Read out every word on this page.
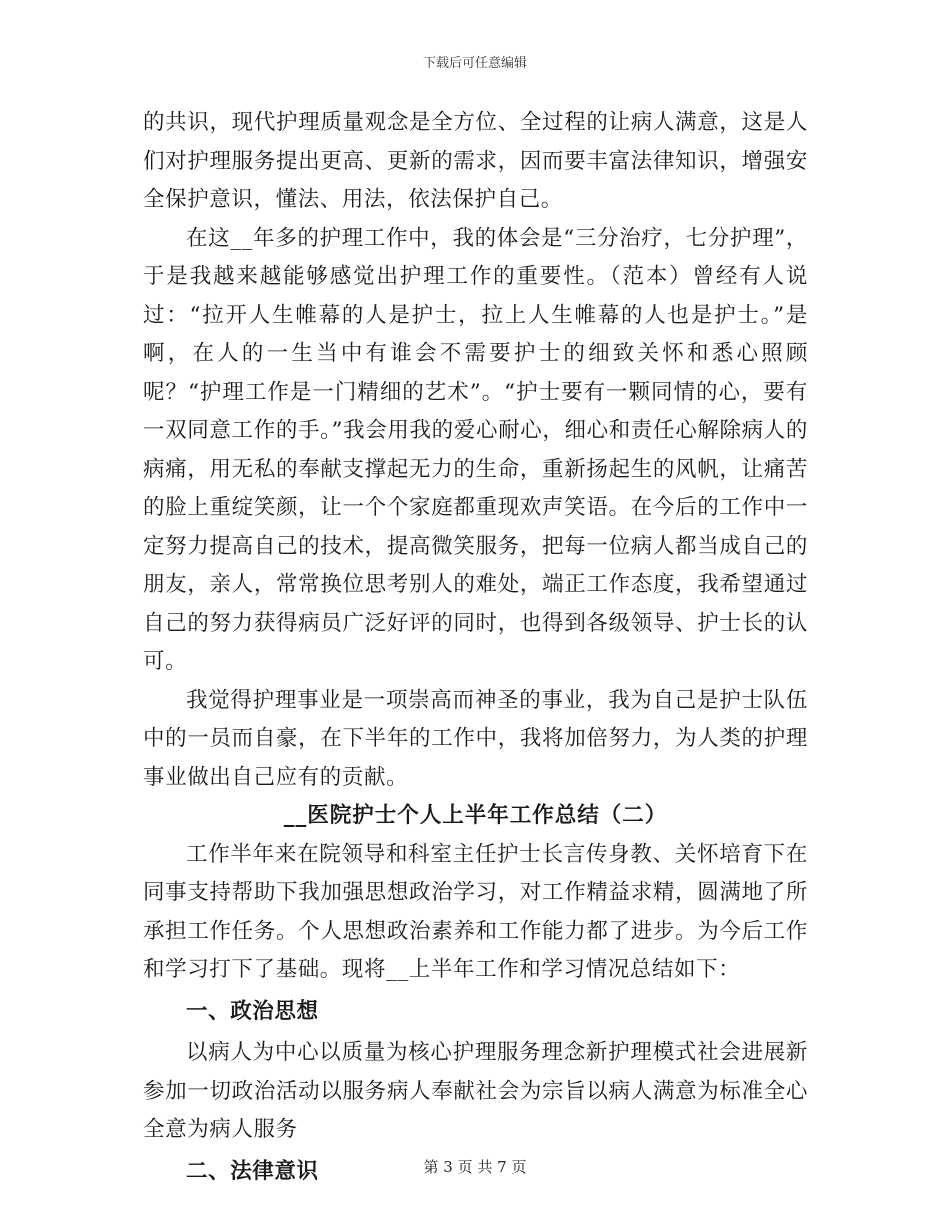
下载后可任意编辑

的共识，现代护理质量观念是全方位、全过程的让病人满意，这是人们对护理服务提出更高、更新的需求，因而要丰富法律知识，增强安全保护意识，懂法、用法，依法保护自己。

在这__年多的护理工作中，我的体会是“三分治疗，七分护理”，于是我越来越能够感觉出护理工作的重要性。（范本）曾经有人说过：“拉开人生帷幕的人是护士，拉上人生帷幕的人也是护士。”是啊，在人的一生当中有谁会不需要护士的细致关怀和悉心照顾呢？“护理工作是一门精细的艺术”。“护士要有一颗同情的心，要有一双同意工作的手。”我会用我的爱心耐心，细心和责任心解除病人的病痛，用无私的奉献支撑起无力的生命，重新扬起生的风帆，让痛苦的脸上重绽笑颜，让一个个家庭都重现欢声笑语。在今后的工作中一定努力提高自己的技术，提高微笑服务，把每一位病人都当成自己的朋友，亲人，常常换位思考别人的难处，端正工作态度，我希望通过自己的努力获得病员广泛好评的同时，也得到各级领导、护士长的认可。

我觉得护理事业是一项崇高而神圣的事业，我为自己是护士队伍中的一员而自豪，在下半年的工作中，我将加倍努力，为人类的护理事业做出自己应有的贡献。

__医院护士个人上半年工作总结（二）

工作半年来在院领导和科室主任护士长言传身教、关怀培育下在同事支持帮助下我加强思想政治学习，对工作精益求精，圆满地了所承担工作任务。个人思想政治素养和工作能力都了进步。为今后工作和学习打下了基础。现将__上半年工作和学习情况总结如下：

一、政治思想

以病人为中心以质量为核心护理服务理念新护理模式社会进展新参加一切政治活动以服务病人奉献社会为宗旨以病人满意为标准全心全意为病人服务

二、法律意识	第 3 页 共 7 页
